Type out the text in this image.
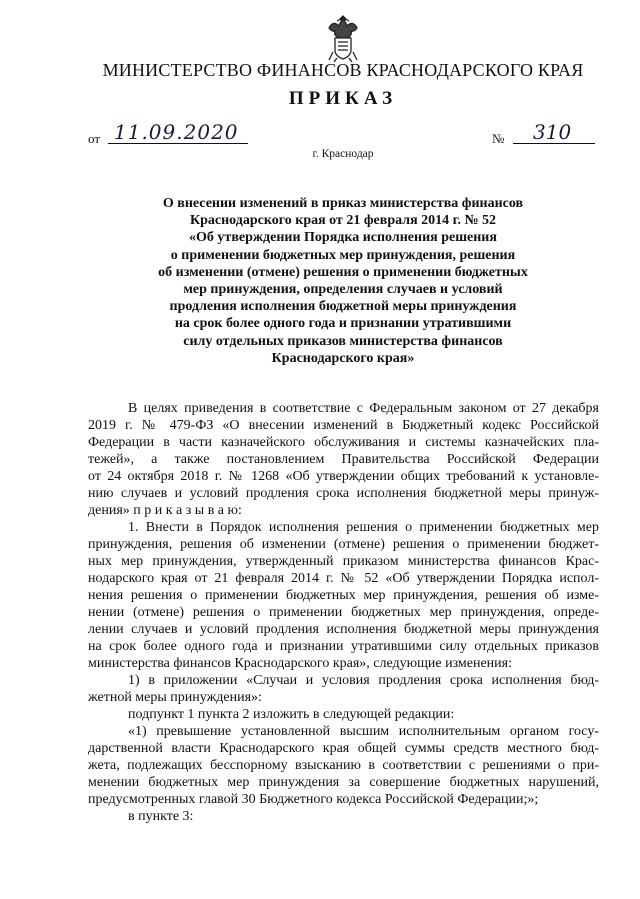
МИНИСТЕРСТВО ФИНАНСОВ КРАСНОДАРСКОГО КРАЯ
ПРИКАЗ
от 11.09.2020	№	310
г. Краснодар
О внесении изменений в приказ министерства финансов
Краснодарского края от 21 февраля 2014 г. № 52
«Об утверждении Порядка исполнения решения
о применении бюджетных мер принуждения, решения
об изменении (отмене) решения о применении бюджетных
мер принуждения, определения случаев и условий
продления исполнения бюджетной меры принуждения
на срок более одного года и признании утратившими
силу отдельных приказов министерства финансов
Краснодарского края»
В целях приведения в соответствие с Федеральным законом от 27 декабря
2019 г. № 479-ФЗ «О внесении изменений в Бюджетный кодекс Российской
Федерации в части казначейского обслуживания и системы казначейских пла-
тежей», а также постановлением Правительства Российской Федерации
от 24 октября 2018 г. № 1268 «Об утверждении общих требований к установле-
нию случаев и условий продления срока исполнения бюджетной меры принуж-
дения» п р и к а з ы в а ю:
1. Внести в Порядок исполнения решения о применении бюджетных мер
принуждения, решения об изменении (отмене) решения о применении бюджет-
ных мер принуждения, утвержденный приказом министерства финансов Крас-
нодарского края от 21 февраля 2014 г. № 52 «Об утверждении Порядка испол-
нения решения о применении бюджетных мер принуждения, решения об изме-
нении (отмене) решения о применении бюджетных мер принуждения, опреде-
лении случаев и условий продления исполнения бюджетной меры принуждения
на срок более одного года и признании утратившими силу отдельных приказов
министерства финансов Краснодарского края», следующие изменения:
1) в приложении «Случаи и условия продления срока исполнения бюд-
жетной меры принуждения»:
подпункт 1 пункта 2 изложить в следующей редакции:
«1) превышение установленной высшим исполнительным органом госу-
дарственной власти Краснодарского края общей суммы средств местного бюд-
жета, подлежащих бесспорному взысканию в соответствии с решениями о при-
менении бюджетных мер принуждения за совершение бюджетных нарушений,
предусмотренных главой 30 Бюджетного кодекса Российской Федерации;»;
в пункте 3:
